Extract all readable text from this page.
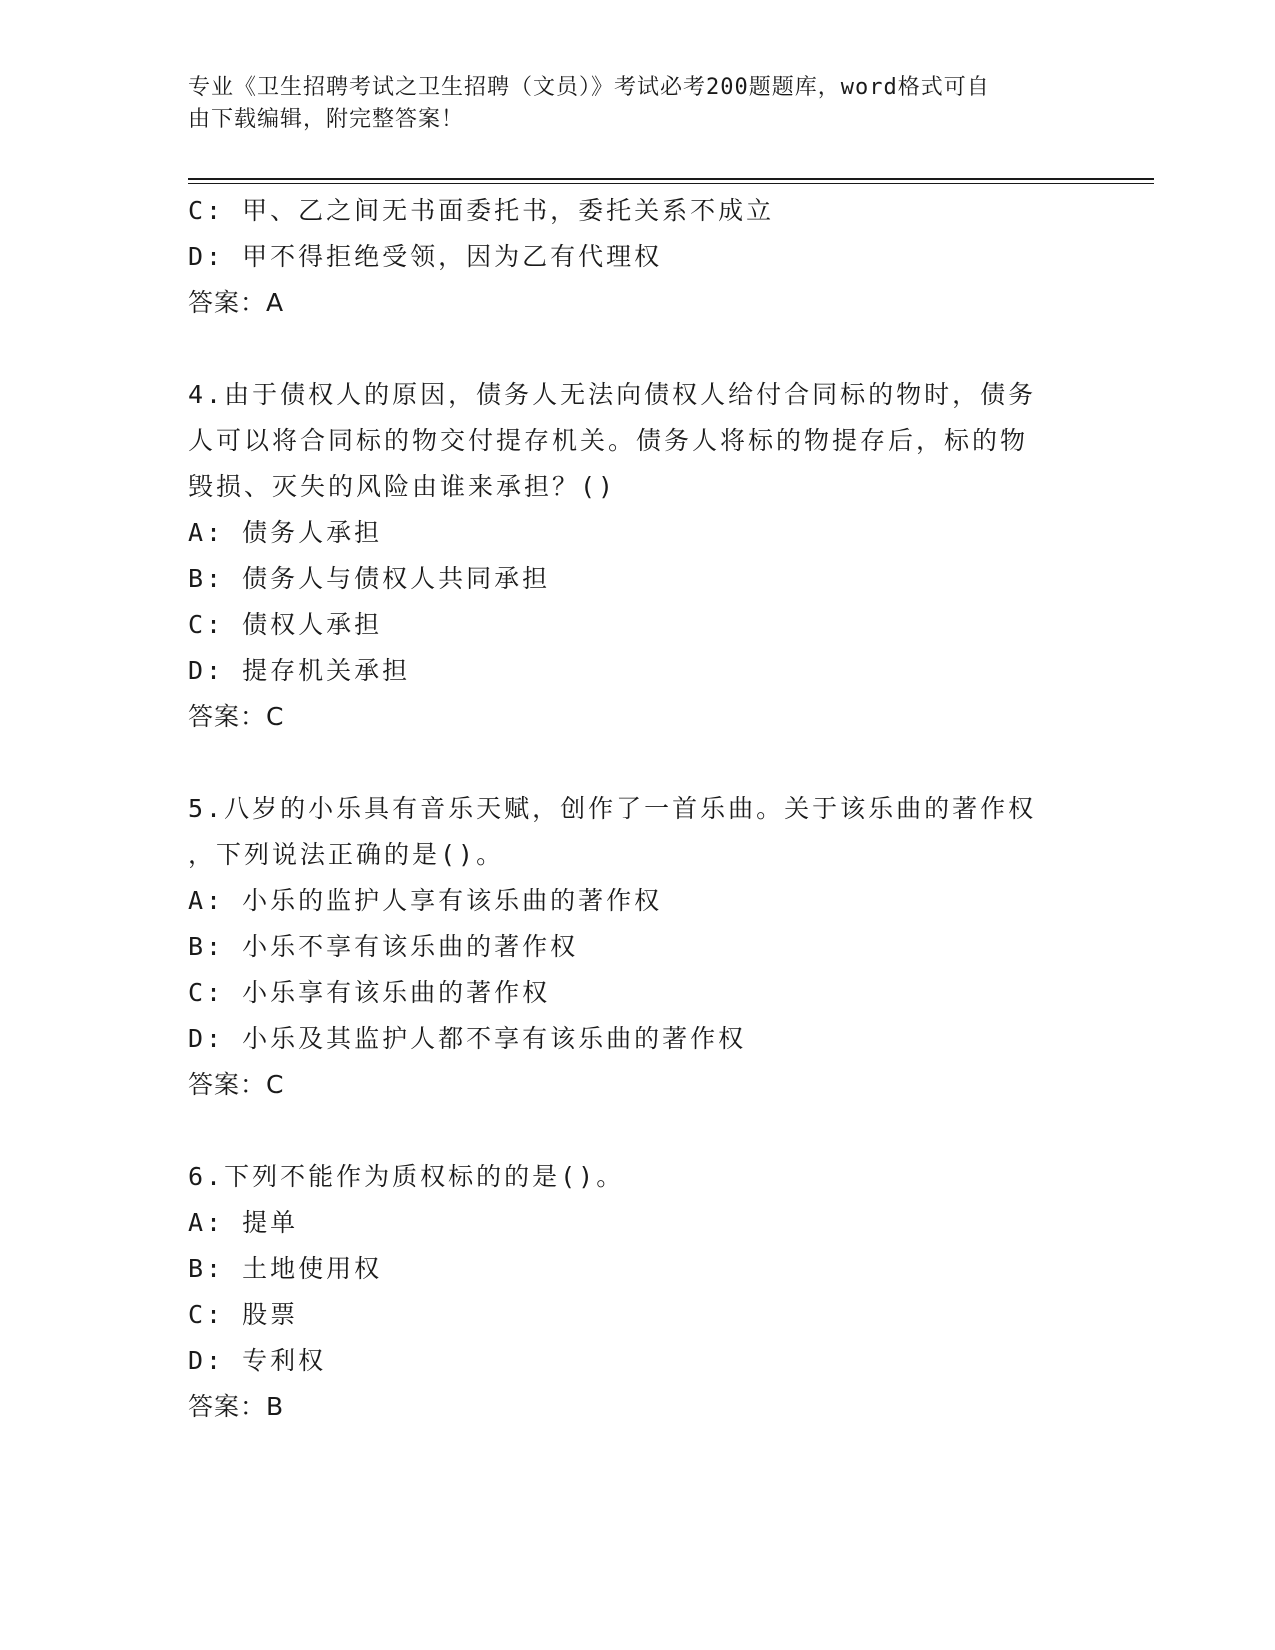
专业《卫生招聘考试之卫生招聘（文员）》考试必考200题题库，word格式可自
由下载编辑，附完整答案！
C: 甲、乙之间无书面委托书，委托关系不成立
D: 甲不得拒绝受领，因为乙有代理权
答案：A
4.由于债权人的原因，债务人无法向债权人给付合同标的物时，债务
人可以将合同标的物交付提存机关。债务人将标的物提存后，标的物
毁损、灭失的风险由谁来承担？()
A: 债务人承担
B: 债务人与债权人共同承担
C: 债权人承担
D: 提存机关承担
答案：C
5.八岁的小乐具有音乐天赋，创作了一首乐曲。关于该乐曲的著作权
，下列说法正确的是()。
A: 小乐的监护人享有该乐曲的著作权
B: 小乐不享有该乐曲的著作权
C: 小乐享有该乐曲的著作权
D: 小乐及其监护人都不享有该乐曲的著作权
答案：C
6.下列不能作为质权标的的是()。
A: 提单
B: 土地使用权
C: 股票
D: 专利权
答案：B
